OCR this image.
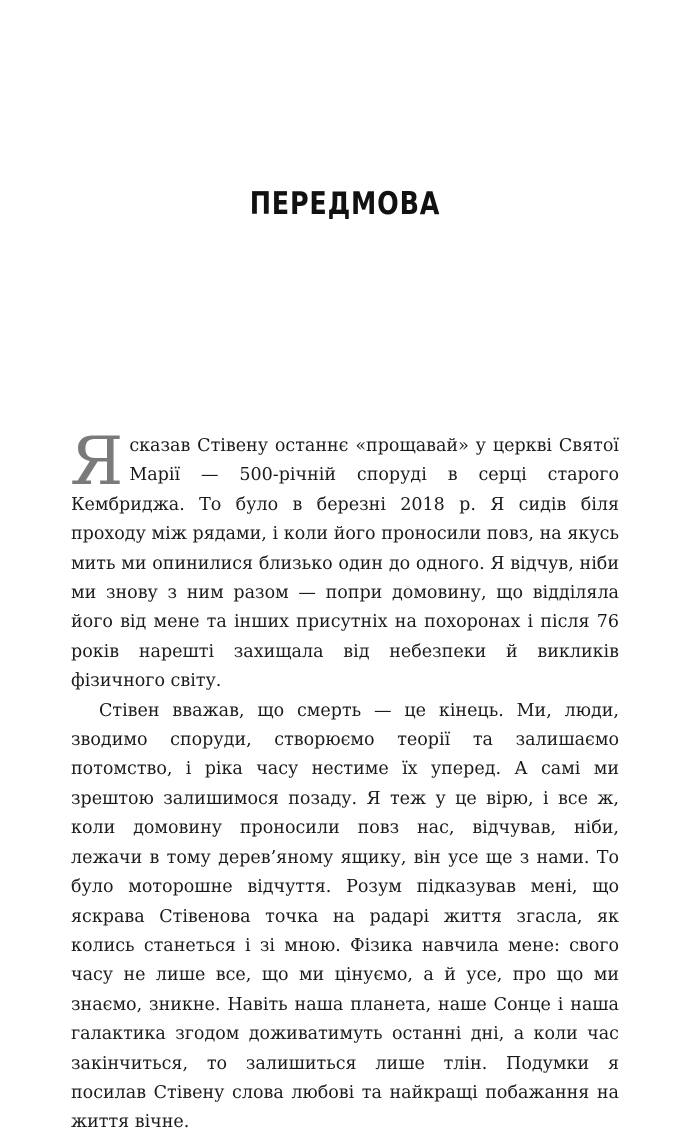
ПЕРЕДМОВА

Ясказав Стівену останнє «прощавай» у церкві Святої Марії — 500-річній споруді в серці старого Кембриджа. То було в березні 2018 р. Я сидів біля проходу між рядами, і коли його проносили повз, на якусь мить ми опинилися близько один до одного. Я відчув, ніби ми знову з ним разом — попри домовину, що відділяла його від мене та інших присутніх на похоронах і після 76 років нарешті захищала від небезпеки й викликів фізичного світу.

Стівен вважав, що смерть — це кінець. Ми, люди, зводимо споруди, створюємо теорії та залишаємо потомство, і ріка часу нестиме їх уперед. А самі ми зрештою залишимося позаду. Я теж у це вірю, і все ж, коли домовину проносили повз нас, відчував, ніби, лежачи в тому дерев’яному ящику, він усе ще з нами. То було моторошне відчуття. Розум підказував мені, що яскрава Стівенова точка на радарі життя згасла, як колись станеться і зі мною. Фізика навчила мене: свого часу не лише все, що ми цінуємо, а й усе, про що ми знаємо, зникне. Навіть наша планета, наше Сонце і наша галактика згодом доживатимуть останні дні, а коли час закінчиться, то залишиться лише тлін. Подумки я посилав Стівену слова любові та найкращі побажання на життя вічне.
